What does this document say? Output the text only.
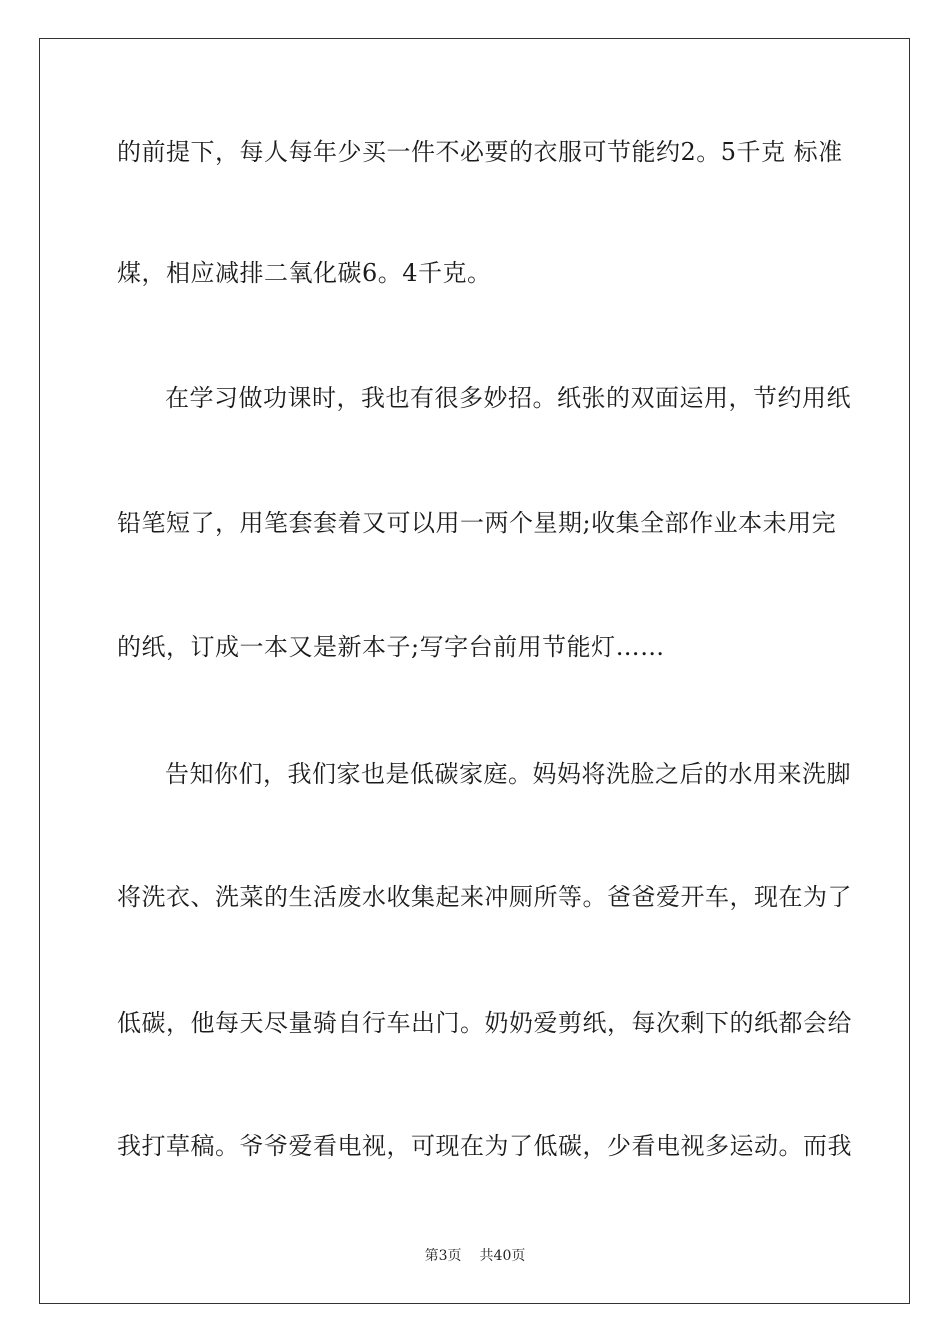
的前提下，每人每年少买一件不必要的衣服可节能约2。5千克 标准
煤，相应减排二氧化碳6。4千克。
在学习做功课时，我也有很多妙招。纸张的双面运用，节约用纸
铅笔短了，用笔套套着又可以用一两个星期;收集全部作业本未用完
的纸，订成一本又是新本子;写字台前用节能灯……
告知你们，我们家也是低碳家庭。妈妈将洗脸之后的水用来洗脚
将洗衣、洗菜的生活废水收集起来冲厕所等。爸爸爱开车，现在为了
低碳，他每天尽量骑自行车出门。奶奶爱剪纸，每次剩下的纸都会给
我打草稿。爷爷爱看电视，可现在为了低碳，少看电视多运动。而我
第3页 共40页
